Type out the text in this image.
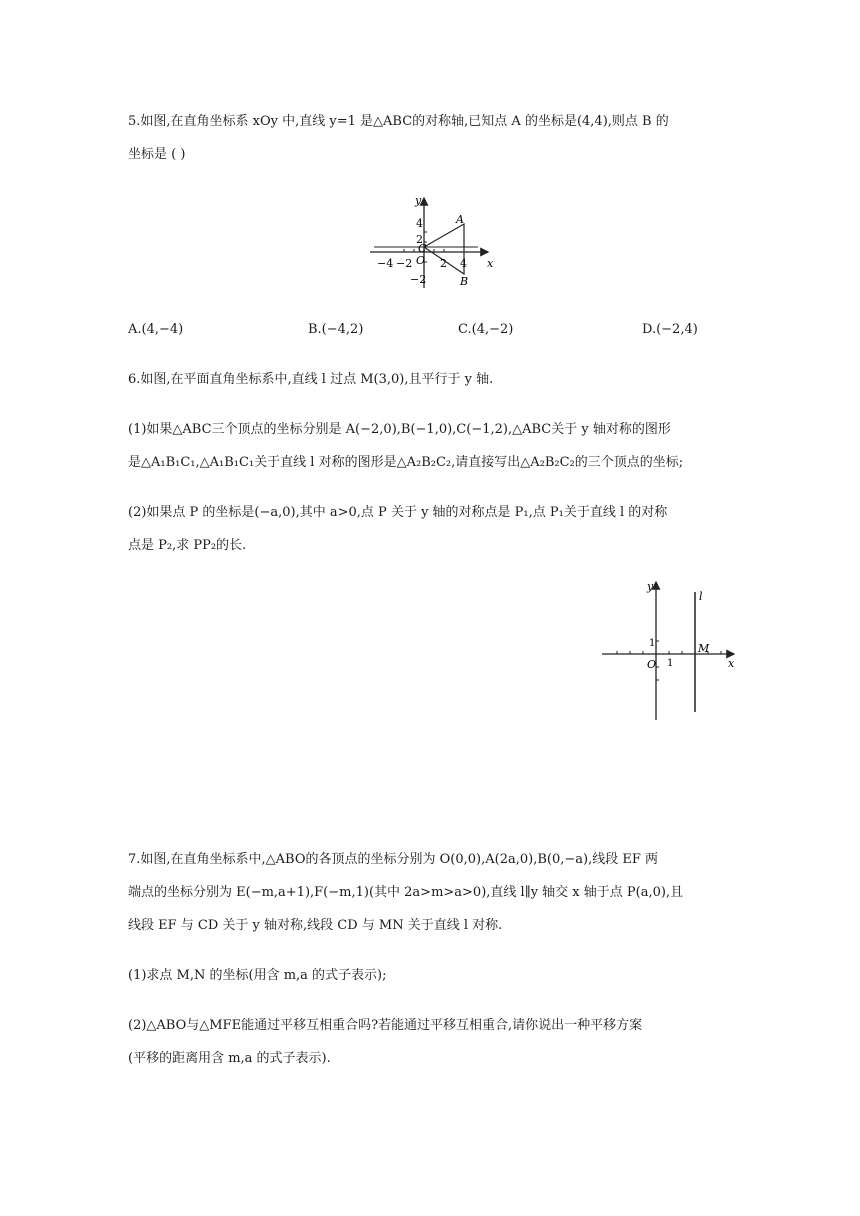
5.如图,在直角坐标系 xOy 中,直线 y=1 是△ABC的对称轴,已知点 A 的坐标是(4,4),则点 B 的
坐标是 ( )
x
y
O
−4 −2	2 4
4
2
−2
A
B
C
A.(4,−4)	B.(−4,2)	C.(4,−2)	D.(−2,4)
6.如图,在平面直角坐标系中,直线 l 过点 M(3,0),且平行于 y 轴.
(1)如果△ABC三个顶点的坐标分别是 A(−2,0),B(−1,0),C(−1,2),△ABC关于 y 轴对称的图形
是△A₁B₁C₁,△A₁B₁C₁关于直线 l 对称的图形是△A₂B₂C₂,请直接写出△A₂B₂C₂的三个顶点的坐标;
(2)如果点 P 的坐标是(−a,0),其中 a>0,点 P 关于 y 轴的对称点是 P₁,点 P₁关于直线 l 的对称
点是 P₂,求 PP₂的长.
x
y
O 1
1
l
M
7.如图,在直角坐标系中,△ABO的各顶点的坐标分别为 O(0,0),A(2a,0),B(0,−a),线段 EF 两
端点的坐标分别为 E(−m,a+1),F(−m,1)(其中 2a>m>a>0),直线 l∥y 轴交 x 轴于点 P(a,0),且
线段 EF 与 CD 关于 y 轴对称,线段 CD 与 MN 关于直线 l 对称.
(1)求点 M,N 的坐标(用含 m,a 的式子表示);
(2)△ABO与△MFE能通过平移互相重合吗?若能通过平移互相重合,请你说出一种平移方案
(平移的距离用含 m,a 的式子表示).
